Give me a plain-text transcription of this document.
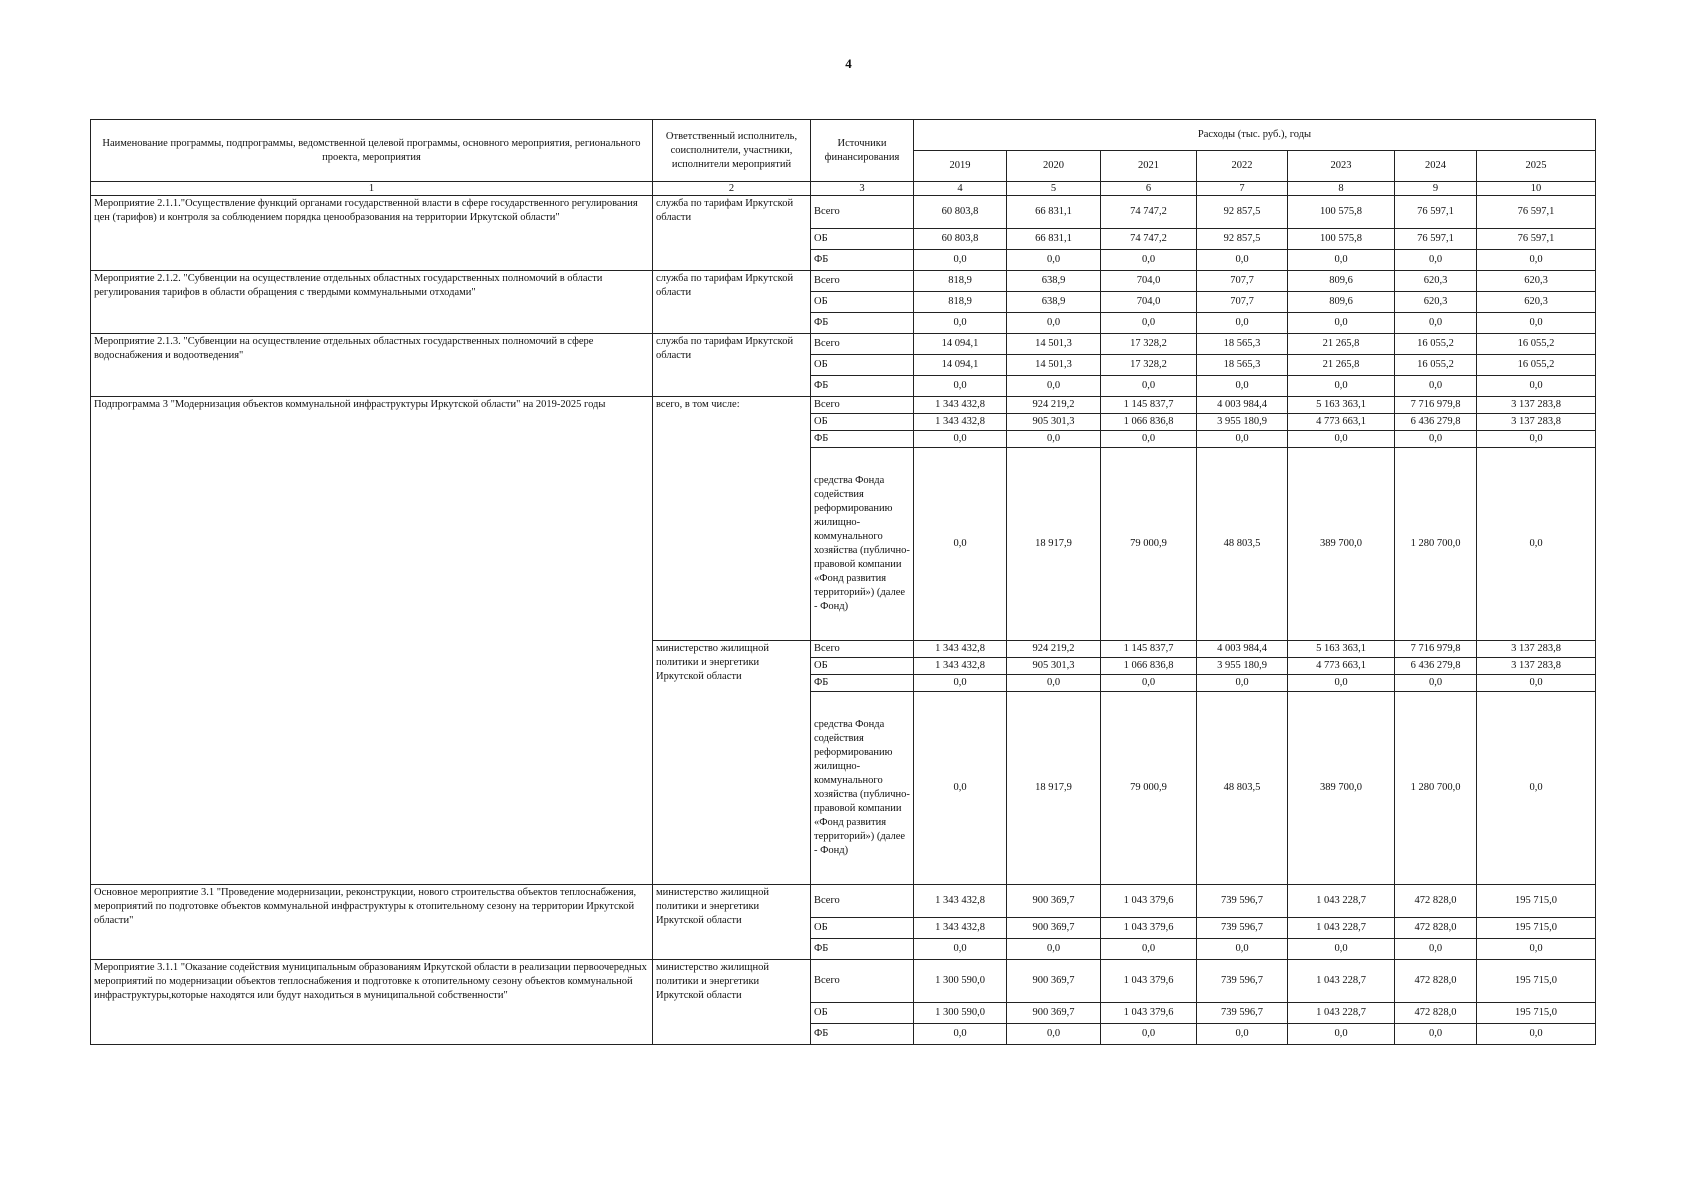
4
Наименование программы, подпрограммы, ведомственной целевой программы, основного мероприятия, регионального проекта, мероприятия	Ответственный исполнитель, соисполнители, участники, исполнители мероприятий	Источники финансирования	Расходы (тыс. руб.), годы						
			2019	2020	2021	2022	2023	2024	2025
1	2	3	4	5	6	7	8	9	10
Мероприятие 2.1.1."Осуществление функций органами государственной власти в сфере государственного регулирования цен (тарифов) и контроля за соблюдением порядка ценообразования на территории Иркутской области"	служба по тарифам Иркутской области	Всего	60 803,8	66 831,1	74 747,2	92 857,5	100 575,8	76 597,1	76 597,1
		ОБ	60 803,8	66 831,1	74 747,2	92 857,5	100 575,8	76 597,1	76 597,1
		ФБ	0,0	0,0	0,0	0,0	0,0	0,0	0,0
Мероприятие 2.1.2. "Субвенции на осуществление отдельных областных государственных полномочий в области регулирования тарифов в области обращения с твердыми коммунальными отходами"	служба по тарифам Иркутской области	Всего	818,9	638,9	704,0	707,7	809,6	620,3	620,3
		ОБ	818,9	638,9	704,0	707,7	809,6	620,3	620,3
		ФБ	0,0	0,0	0,0	0,0	0,0	0,0	0,0
Мероприятие 2.1.3. "Субвенции на осуществление отдельных областных государственных полномочий в сфере водоснабжения и водоотведения"	служба по тарифам Иркутской области	Всего	14 094,1	14 501,3	17 328,2	18 565,3	21 265,8	16 055,2	16 055,2
		ОБ	14 094,1	14 501,3	17 328,2	18 565,3	21 265,8	16 055,2	16 055,2
		ФБ	0,0	0,0	0,0	0,0	0,0	0,0	0,0
Подпрограмма 3 "Модернизация объектов коммунальной инфраструктуры Иркутской области" на 2019-2025 годы	всего, в том числе:	Всего	1 343 432,8	924 219,2	1 145 837,7	4 003 984,4	5 163 363,1	7 716 979,8	3 137 283,8
		ОБ	1 343 432,8	905 301,3	1 066 836,8	3 955 180,9	4 773 663,1	6 436 279,8	3 137 283,8
		ФБ	0,0	0,0	0,0	0,0	0,0	0,0	0,0
		средства Фонда содействия реформированию жилищно-коммунального хозяйства (публично-правовой компании «Фонд развития территорий») (далее - Фонд)	0,0	18 917,9	79 000,9	48 803,5	389 700,0	1 280 700,0	0,0
	министерство жилищной политики и энергетики Иркутской области	Всего	1 343 432,8	924 219,2	1 145 837,7	4 003 984,4	5 163 363,1	7 716 979,8	3 137 283,8
		ОБ	1 343 432,8	905 301,3	1 066 836,8	3 955 180,9	4 773 663,1	6 436 279,8	3 137 283,8
		ФБ	0,0	0,0	0,0	0,0	0,0	0,0	0,0
		средства Фонда содействия реформированию жилищно-коммунального хозяйства (публично-правовой компании «Фонд развития территорий») (далее - Фонд)	0,0	18 917,9	79 000,9	48 803,5	389 700,0	1 280 700,0	0,0
Основное мероприятие 3.1 "Проведение модернизации, реконструкции, нового строительства объектов теплоснабжения, мероприятий по подготовке объектов коммунальной инфраструктуры к отопительному сезону на территории Иркутской области"	министерство жилищной политики и энергетики Иркутской области	Всего	1 343 432,8	900 369,7	1 043 379,6	739 596,7	1 043 228,7	472 828,0	195 715,0
		ОБ	1 343 432,8	900 369,7	1 043 379,6	739 596,7	1 043 228,7	472 828,0	195 715,0
		ФБ	0,0	0,0	0,0	0,0	0,0	0,0	0,0
Мероприятие 3.1.1 "Оказание содействия муниципальным образованиям Иркутской области в реализации первоочередных мероприятий по модернизации объектов теплоснабжения и подготовке к отопительному сезону объектов коммунальной инфраструктуры,которые находятся или будут находиться в муниципальной собственности"	министерство жилищной политики и энергетики Иркутской области	Всего	1 300 590,0	900 369,7	1 043 379,6	739 596,7	1 043 228,7	472 828,0	195 715,0
		ОБ	1 300 590,0	900 369,7	1 043 379,6	739 596,7	1 043 228,7	472 828,0	195 715,0
		ФБ	0,0	0,0	0,0	0,0	0,0	0,0	0,0
